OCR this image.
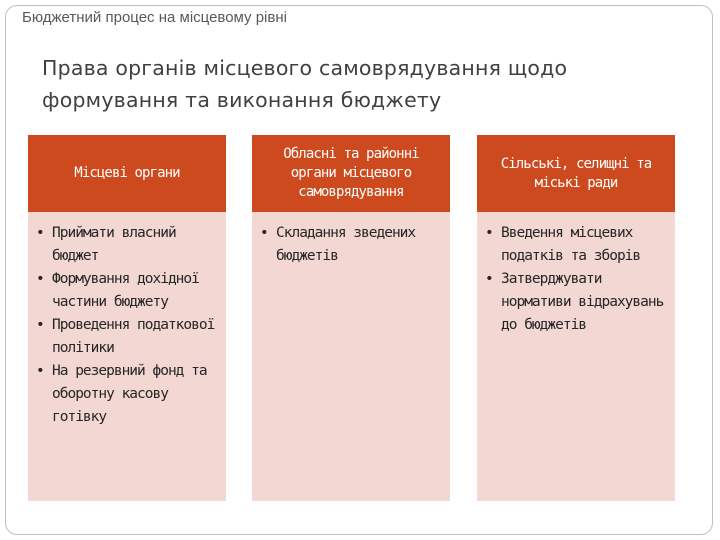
Бюджетний процес на місцевому рівні
Права органів місцевого самоврядування щодо формування та виконання бюджету
Місцеві органи
• Приймати власний бюджет
• Формування дохідної частини бюджету
• Проведення податкової політики
• На резервний фонд та оборотну касову готівку
Обласні та районні органи місцевого самоврядування
• Складання зведених бюджетів
Сільські, селищні та міські ради
• Введення місцевих податків та зборів
• Затверджувати нормативи відрахувань до бюджетів
